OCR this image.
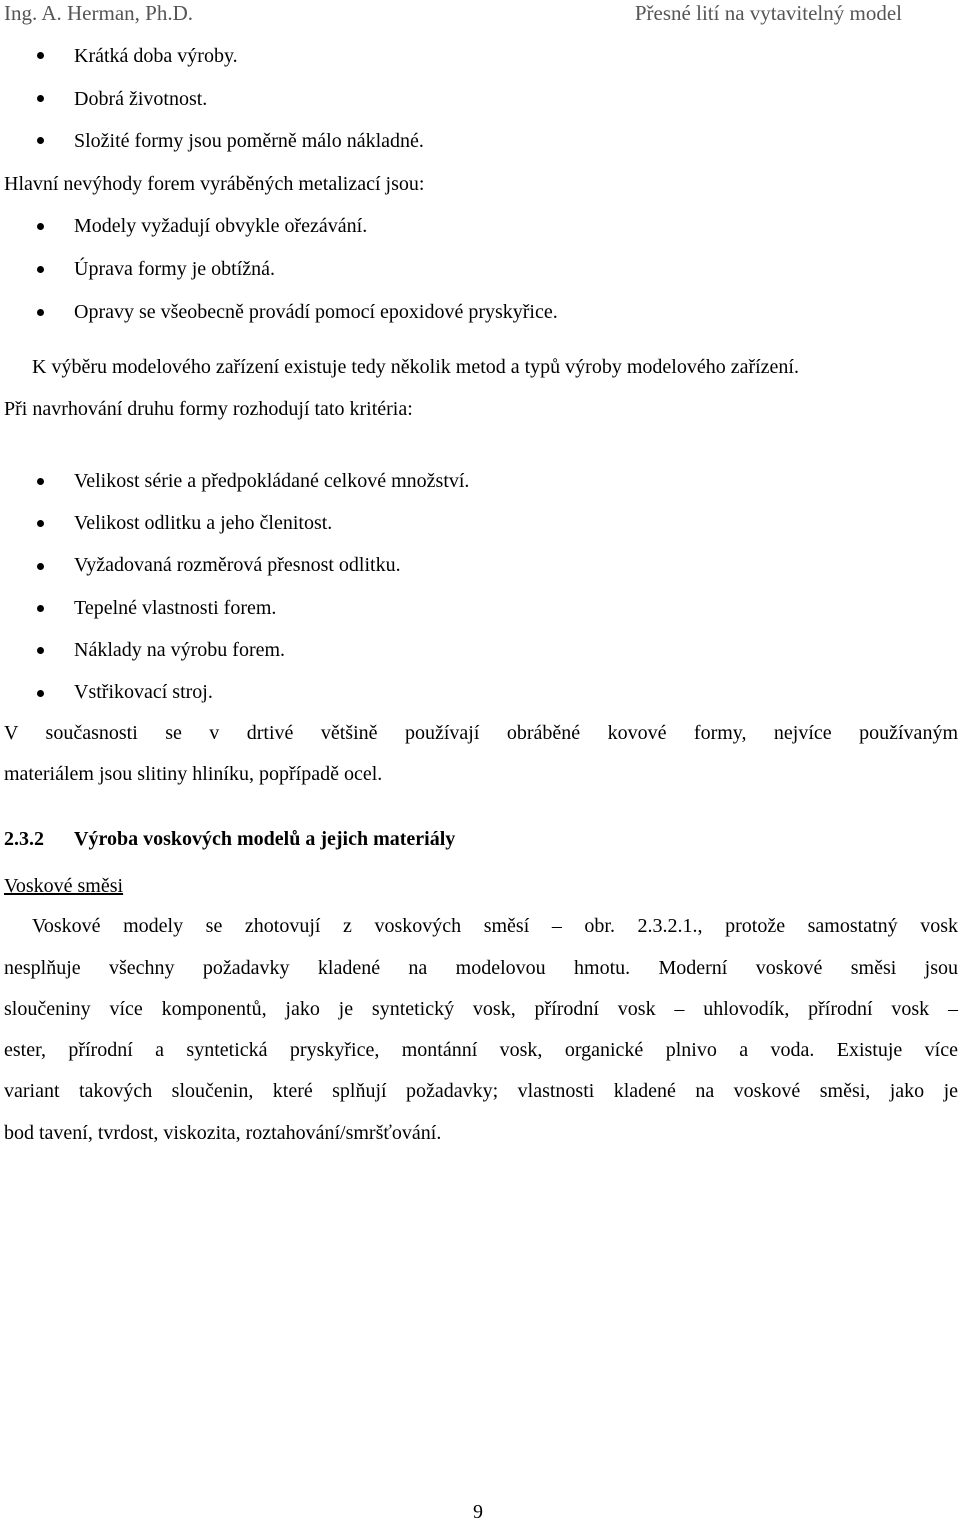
Ing. A. Herman, Ph.D.	Přesné lití na vytavitelný model
Krátká doba výroby.
Dobrá životnost.
Složité formy jsou poměrně málo nákladné.
Hlavní nevýhody forem vyráběných metalizací jsou:
Modely vyžadují obvykle ořezávání.
Úprava formy je obtížná.
Opravy se všeobecně provádí pomocí epoxidové pryskyřice.
K výběru modelového zařízení existuje tedy několik metod a typů výroby modelového zařízení.
Při navrhování druhu formy rozhodují tato kritéria:
Velikost série a předpokládané celkové množství.
Velikost odlitku a jeho členitost.
Vyžadovaná rozměrová přesnost odlitku.
Tepelné vlastnosti forem.
Náklady na výrobu forem.
Vstřikovací stroj.
V současnosti se v drtivé většině používají obráběné kovové formy, nejvíce používaným
materiálem jsou slitiny hliníku, popřípadě ocel.
2.3.2 Výroba voskových modelů a jejich materiály
Voskové směsi
Voskové modely se zhotovují z voskových směsí – obr. 2.3.2.1., protože samostatný vosk
nesplňuje všechny požadavky kladené na modelovou hmotu. Moderní voskové směsi jsou
sloučeniny více komponentů, jako je syntetický vosk, přírodní vosk – uhlovodík, přírodní vosk –
ester, přírodní a syntetická pryskyřice, montánní vosk, organické plnivo a voda. Existuje více
variant takových sloučenin, které splňují požadavky; vlastnosti kladené na voskové směsi, jako je
bod tavení, tvrdost, viskozita, roztahování/smršťování.
9
